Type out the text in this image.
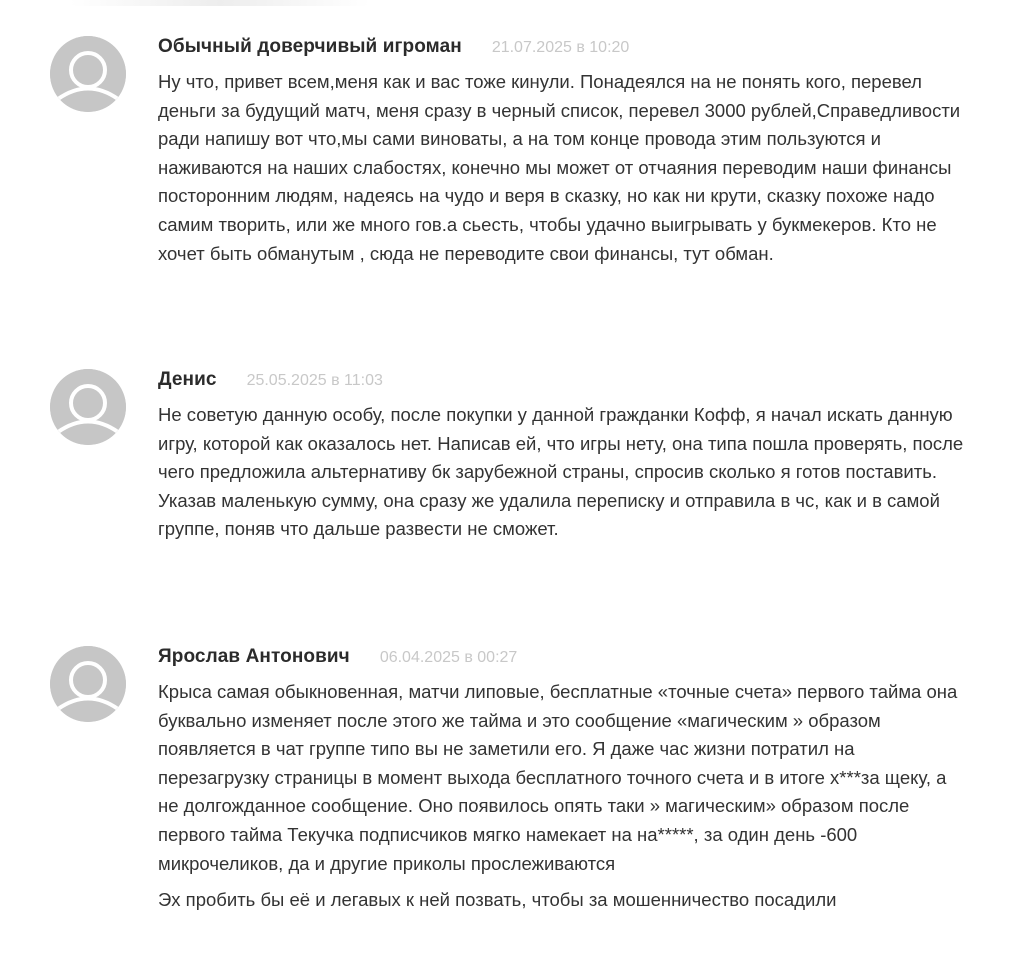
Обычный доверчивый игроман 21.07.2025 в 10:20

Ну что, привет всем,меня как и вас тоже кинули. Понадеялся на не понять кого, перевел деньги за будущий матч, меня сразу в черный список, перевел 3000 рублей,Справедливости ради напишу вот что,мы сами виноваты, а на том конце провода этим пользуются и наживаются на наших слабостях, конечно мы может от отчаяния переводим наши финансы посторонним людям, надеясь на чудо и веря в сказку, но как ни крути, сказку похоже надо самим творить, или же много гов.а сьесть, чтобы удачно выигрывать у букмекеров. Кто не хочет быть обманутым , сюда не переводите свои финансы, тут обман.

Денис 25.05.2025 в 11:03

Не советую данную особу, после покупки у данной гражданки Кофф, я начал искать данную игру, которой как оказалось нет. Написав ей, что игры нету, она типа пошла проверять, после чего предложила альтернативу бк зарубежной страны, спросив сколько я готов поставить. Указав маленькую сумму, она сразу же удалила переписку и отправила в чс, как и в самой группе, поняв что дальше развести не сможет.

Ярослав Антонович 06.04.2025 в 00:27

Крыса самая обыкновенная, матчи липовые, бесплатные «точные счета» первого тайма она буквально изменяет после этого же тайма и это сообщение «магическим » образом появляется в чат группе типо вы не заметили его. Я даже час жизни потратил на перезагрузку страницы в момент выхода бесплатного точного счета и в итоге х***за щеку, а не долгожданное сообщение. Оно появилось опять таки » магическим» образом после первого тайма Текучка подписчиков мягко намекает на на*****, за один день -600 микрочеликов, да и другие приколы прослеживаются

Эх пробить бы её и легавых к ней позвать, чтобы за мошенничество посадили
